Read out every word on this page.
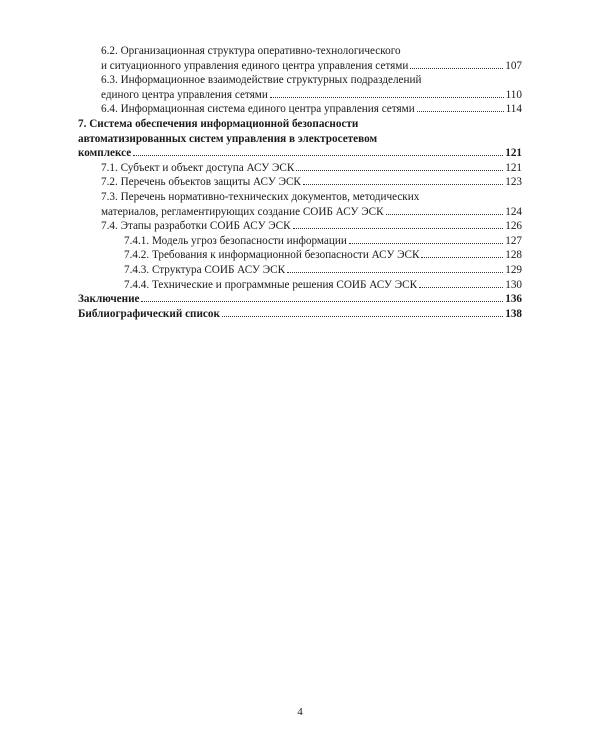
6.2. Организационная структура оперативно-технологического
и ситуационного управления единого центра управления сетями	107
6.3. Информационное взаимодействие структурных подразделений
единого центра управления сетями	110
6.4. Информационная система единого центра управления сетями	114
7. Система обеспечения информационной безопасности
автоматизированных систем управления в электросетевом
комплексе	121
7.1. Субъект и объект доступа АСУ ЭСК	121
7.2. Перечень объектов защиты АСУ ЭСК	123
7.3. Перечень нормативно-технических документов, методических
материалов, регламентирующих создание СОИБ АСУ ЭСК	124
7.4. Этапы разработки СОИБ АСУ ЭСК	126
7.4.1. Модель угроз безопасности информации	127
7.4.2. Требования к информационной безопасности АСУ ЭСК	128
7.4.3. Структура СОИБ АСУ ЭСК	129
7.4.4. Технические и программные решения СОИБ АСУ ЭСК	130
Заключение	136
Библиографический список	138
4
